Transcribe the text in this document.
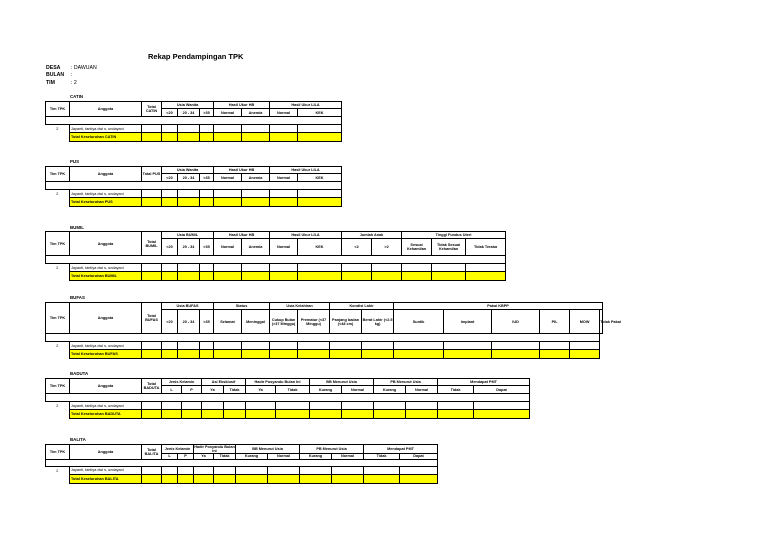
Rekap Pendampingan TPK
DESA : DAWUAN
BULAN :
TIM	: 2
CATIN
Tim TPK	Anggota	Total CATIN	Usia Wanita			Hasil Ukur HB		Hasil Ukur LILA	
			<20	20 - 34	>35	Normal	Anemia	Normal	KEK

2	Jayanti, tantiya dwi s, undayani								
	Total Keseluruhan CATIN								
PUS
Tim TPK	Anggota	Total PUS	Usia Wanita			Hasil Ukur HB		Hasil Ukur LILA	
			<20	20 - 34	>35	Normal	Anemia	Normal	KEK

2	Jayanti, tantiya dwi s, undayani								
	Total Keseluruhan PUS								
BUMIL
Tim TPK	Anggota	Total BUMIL	Usia BUMIL			Hasil Ukur HB		Hasil Ukur LILA		Jumlah Anak		Tinggi Fundus Uteri		
			<20	20 - 34	>35	Normal	Anemia	Normal	KEK	<2	>2	Sesuai Kehamilan	Tidak Sesuai Kehamilan	Tidak Teraba

2	Jayanti, tantiya dwi s, undayani													
	Total Keseluruhan BUMIL													
BUFAS
Tim TPK	Anggota	Total BUFAS	Usia BUFAS			Status		Usia Kelahiran		Kondisi Lahir		Pakai KBPP					
			<20	20 - 34	>35	Selamat	Meninggal	Cukup Bulan (>37 Minggu)	Prematur (<37 Minggu)	Panjang badan (<48 cm)	Berat Lahir (<2.5 kg)	Suntik	Implant	IUD	PIL	MOW	Tidak Pakai

2	Jayanti, tantiya dwi s, undayani																
	Total Keseluruhan BUFAS																
BADUTA
Tim TPK	Anggota	Total BADUTA	Jenis Kelamin		Asi Eksklusif		Hadir Posyandu Bulan Ini		BB Menurut Usia		PB Menurut Usia		Mendapat PMT	
			L	P	Ya	Tidak	Ya	Tidak	Kurang	Normal	Kurang	Normal	Tidak	Dapat

2	Jayanti, tantiya dwi s, undayani													
	Total Keseluruhan BADUTA													
BALITA
Tim TPK	Anggota	Total BALITA	Jenis Kelamin		Hadir Posyandu Bulan Ini		BB Menurut Usia		PB Menurut Usia		Mendapat PMT	
			L	P	Ya	Tidak	Kurang	Normal	Kurang	Normal	Tidak	Dapat

2	Jayanti, tantiya dwi s, undayani											
	Total Keseluruhan BALITA											
